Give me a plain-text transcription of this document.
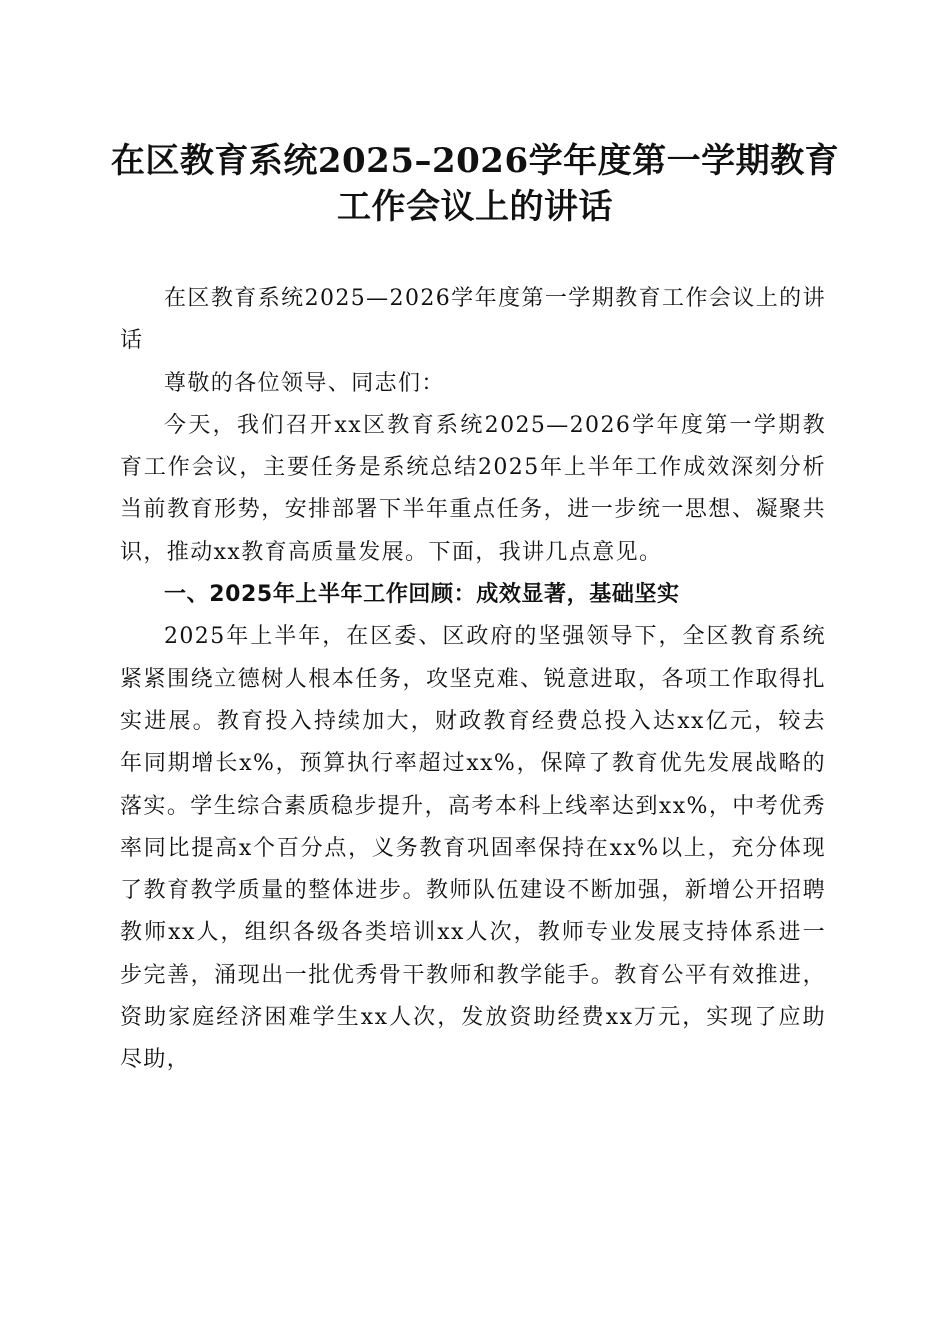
在区教育系统2025–2026学年度第一学期教育
工作会议上的讲话

在区教育系统2025—2026学年度第一学期教育工作会议上的讲话

尊敬的各位领导、同志们：

今天，我们召开xx区教育系统2025—2026学年度第一学期教育工作会议，主要任务是系统总结2025年上半年工作成效深刻分析当前教育形势，安排部署下半年重点任务，进一步统一思想、凝聚共识，推动xx教育高质量发展。下面，我讲几点意见。

一、2025年上半年工作回顾：成效显著，基础坚实

2025年上半年，在区委、区政府的坚强领导下，全区教育系统紧紧围绕立德树人根本任务，攻坚克难、锐意进取，各项工作取得扎实进展。教育投入持续加大，财政教育经费总投入达xx亿元，较去年同期增长x%，预算执行率超过xx%，保障了教育优先发展战略的落实。学生综合素质稳步提升，高考本科上线率达到xx%，中考优秀率同比提高x个百分点，义务教育巩固率保持在xx%以上，充分体现了教育教学质量的整体进步。教师队伍建设不断加强，新增公开招聘教师xx人，组织各级各类培训xx人次，教师专业发展支持体系进一步完善，涌现出一批优秀骨干教师和教学能手。教育公平有效推进，资助家庭经济困难学生xx人次，发放资助经费xx万元，实现了应助尽助，
